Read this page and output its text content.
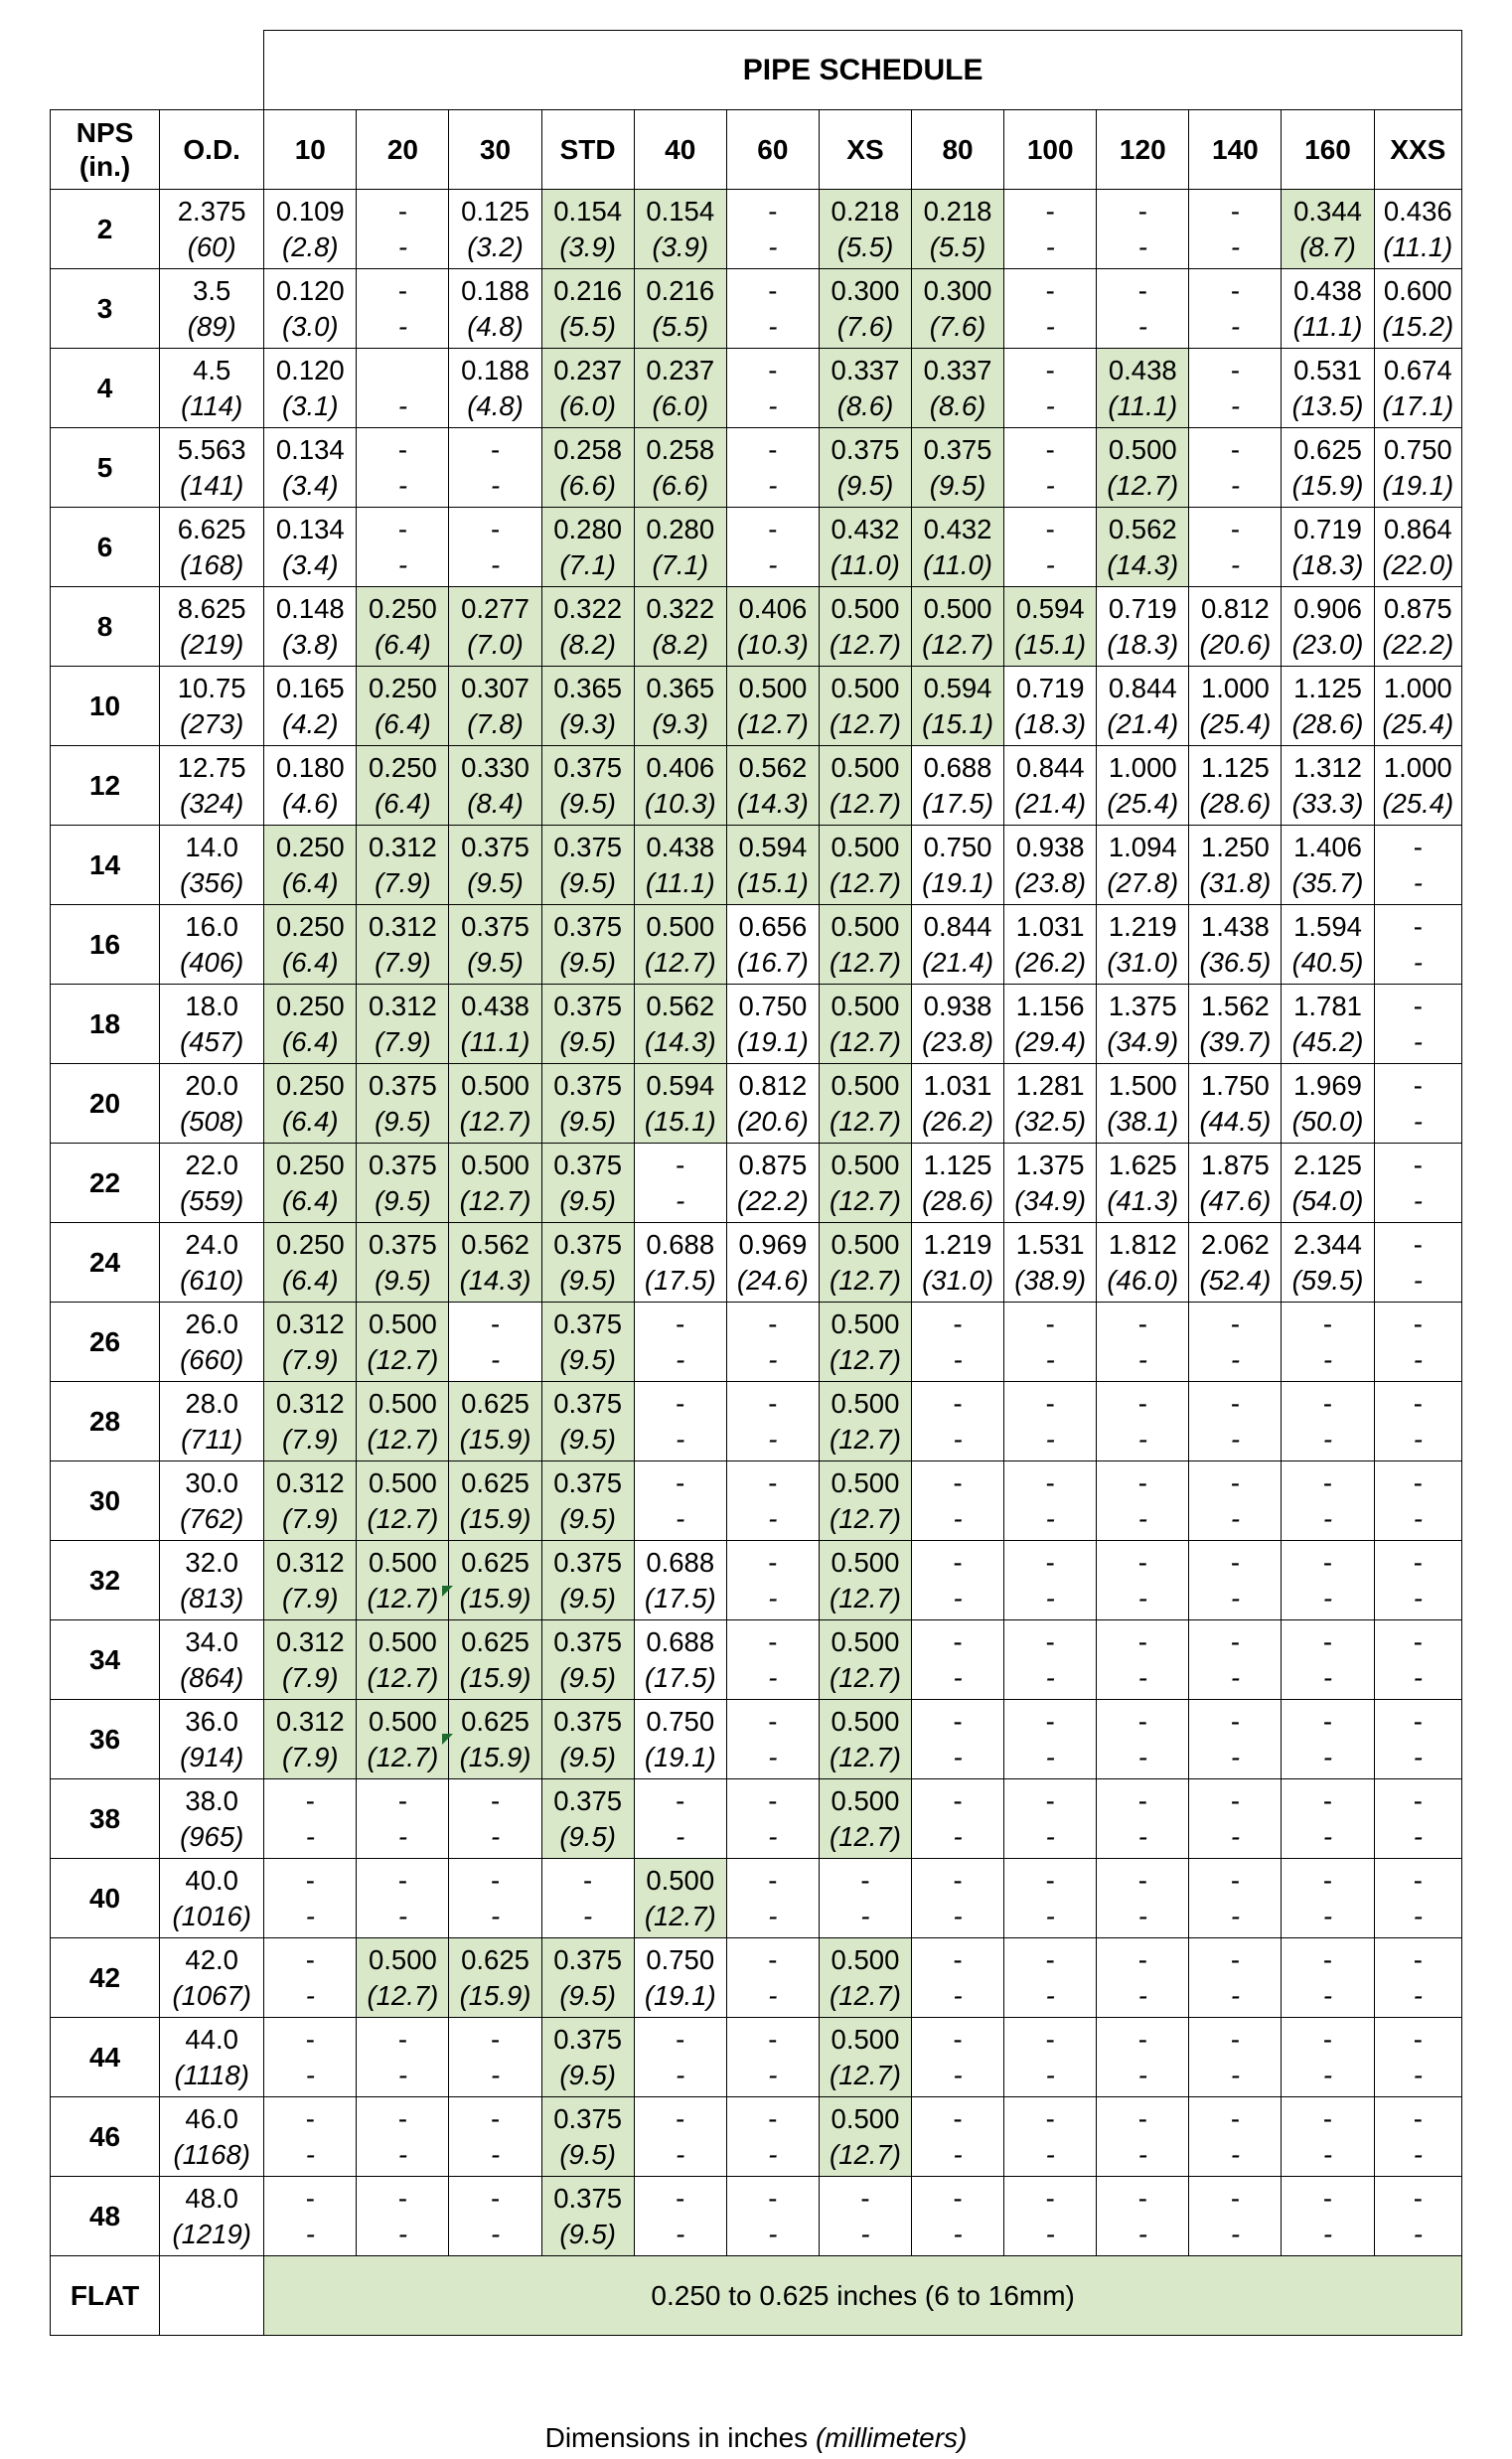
		PIPE SCHEDULE												
NPS (in.)	O.D.	10	20	30	STD	40	60	XS	80	100	120	140	160	XXS
2	2.375	0.109	-	0.125	0.154	0.154	-	0.218	0.218	-	-	-	0.344	0.436
	(60)	(2.8)	-	(3.2)	(3.9)	(3.9)	-	(5.5)	(5.5)	-	-	-	(8.7)	(11.1)
3	3.5	0.120	-	0.188	0.216	0.216	-	0.300	0.300	-	-	-	0.438	0.600
	(89)	(3.0)	-	(4.8)	(5.5)	(5.5)	-	(7.6)	(7.6)	-	-	-	(11.1)	(15.2)
4	4.5	0.120		0.188	0.237	0.237	-	0.337	0.337	-	0.438	-	0.531	0.674
	(114)	(3.1)	-	(4.8)	(6.0)	(6.0)	-	(8.6)	(8.6)	-	(11.1)	-	(13.5)	(17.1)
5	5.563	0.134	-	-	0.258	0.258	-	0.375	0.375	-	0.500	-	0.625	0.750
	(141)	(3.4)	-	-	(6.6)	(6.6)	-	(9.5)	(9.5)	-	(12.7)	-	(15.9)	(19.1)
6	6.625	0.134	-	-	0.280	0.280	-	0.432	0.432	-	0.562	-	0.719	0.864
	(168)	(3.4)	-	-	(7.1)	(7.1)	-	(11.0)	(11.0)	-	(14.3)	-	(18.3)	(22.0)
8	8.625	0.148	0.250	0.277	0.322	0.322	0.406	0.500	0.500	0.594	0.719	0.812	0.906	0.875
	(219)	(3.8)	(6.4)	(7.0)	(8.2)	(8.2)	(10.3)	(12.7)	(12.7)	(15.1)	(18.3)	(20.6)	(23.0)	(22.2)
10	10.75	0.165	0.250	0.307	0.365	0.365	0.500	0.500	0.594	0.719	0.844	1.000	1.125	1.000
	(273)	(4.2)	(6.4)	(7.8)	(9.3)	(9.3)	(12.7)	(12.7)	(15.1)	(18.3)	(21.4)	(25.4)	(28.6)	(25.4)
12	12.75	0.180	0.250	0.330	0.375	0.406	0.562	0.500	0.688	0.844	1.000	1.125	1.312	1.000
	(324)	(4.6)	(6.4)	(8.4)	(9.5)	(10.3)	(14.3)	(12.7)	(17.5)	(21.4)	(25.4)	(28.6)	(33.3)	(25.4)
14	14.0	0.250	0.312	0.375	0.375	0.438	0.594	0.500	0.750	0.938	1.094	1.250	1.406	-
	(356)	(6.4)	(7.9)	(9.5)	(9.5)	(11.1)	(15.1)	(12.7)	(19.1)	(23.8)	(27.8)	(31.8)	(35.7)	-
16	16.0	0.250	0.312	0.375	0.375	0.500	0.656	0.500	0.844	1.031	1.219	1.438	1.594	-
	(406)	(6.4)	(7.9)	(9.5)	(9.5)	(12.7)	(16.7)	(12.7)	(21.4)	(26.2)	(31.0)	(36.5)	(40.5)	-
18	18.0	0.250	0.312	0.438	0.375	0.562	0.750	0.500	0.938	1.156	1.375	1.562	1.781	-
	(457)	(6.4)	(7.9)	(11.1)	(9.5)	(14.3)	(19.1)	(12.7)	(23.8)	(29.4)	(34.9)	(39.7)	(45.2)	-
20	20.0	0.250	0.375	0.500	0.375	0.594	0.812	0.500	1.031	1.281	1.500	1.750	1.969	-
	(508)	(6.4)	(9.5)	(12.7)	(9.5)	(15.1)	(20.6)	(12.7)	(26.2)	(32.5)	(38.1)	(44.5)	(50.0)	-
22	22.0	0.250	0.375	0.500	0.375	-	0.875	0.500	1.125	1.375	1.625	1.875	2.125	-
	(559)	(6.4)	(9.5)	(12.7)	(9.5)	-	(22.2)	(12.7)	(28.6)	(34.9)	(41.3)	(47.6)	(54.0)	-
24	24.0	0.250	0.375	0.562	0.375	0.688	0.969	0.500	1.219	1.531	1.812	2.062	2.344	-
	(610)	(6.4)	(9.5)	(14.3)	(9.5)	(17.5)	(24.6)	(12.7)	(31.0)	(38.9)	(46.0)	(52.4)	(59.5)	-
26	26.0	0.312	0.500	-	0.375	-	-	0.500	-	-	-	-	-	-
	(660)	(7.9)	(12.7)	-	(9.5)	-	-	(12.7)	-	-	-	-	-	-
28	28.0	0.312	0.500	0.625	0.375	-	-	0.500	-	-	-	-	-	-
	(711)	(7.9)	(12.7)	(15.9)	(9.5)	-	-	(12.7)	-	-	-	-	-	-
30	30.0	0.312	0.500	0.625	0.375	-	-	0.500	-	-	-	-	-	-
	(762)	(7.9)	(12.7)	(15.9)	(9.5)	-	-	(12.7)	-	-	-	-	-	-
32	32.0	0.312	0.500	0.625	0.375	0.688	-	0.500	-	-	-	-	-	-
	(813)	(7.9)	(12.7)	(15.9)	(9.5)	(17.5)	-	(12.7)	-	-	-	-	-	-
34	34.0	0.312	0.500	0.625	0.375	0.688	-	0.500	-	-	-	-	-	-
	(864)	(7.9)	(12.7)	(15.9)	(9.5)	(17.5)	-	(12.7)	-	-	-	-	-	-
36	36.0	0.312	0.500	0.625	0.375	0.750	-	0.500	-	-	-	-	-	-
	(914)	(7.9)	(12.7)	(15.9)	(9.5)	(19.1)	-	(12.7)	-	-	-	-	-	-
38	38.0	-	-	-	0.375	-	-	0.500	-	-	-	-	-	-
	(965)	-	-	-	(9.5)	-	-	(12.7)	-	-	-	-	-	-
40	40.0	-	-	-	-	0.500	-	-	-	-	-	-	-	-
	(1016)	-	-	-	-	(12.7)	-	-	-	-	-	-	-	-
42	42.0	-	0.500	0.625	0.375	0.750	-	0.500	-	-	-	-	-	-
	(1067)	-	(12.7)	(15.9)	(9.5)	(19.1)	-	(12.7)	-	-	-	-	-	-
44	44.0	-	-	-	0.375	-	-	0.500	-	-	-	-	-	-
	(1118)	-	-	-	(9.5)	-	-	(12.7)	-	-	-	-	-	-
46	46.0	-	-	-	0.375	-	-	0.500	-	-	-	-	-	-
	(1168)	-	-	-	(9.5)	-	-	(12.7)	-	-	-	-	-	-
48	48.0	-	-	-	0.375	-	-	-	-	-	-	-	-	-
	(1219)	-	-	-	(9.5)	-	-	-	-	-	-	-	-	-
FLAT		0.250 to 0.625 inches (6 to 16mm)												
Dimensions in inches (millimeters)
